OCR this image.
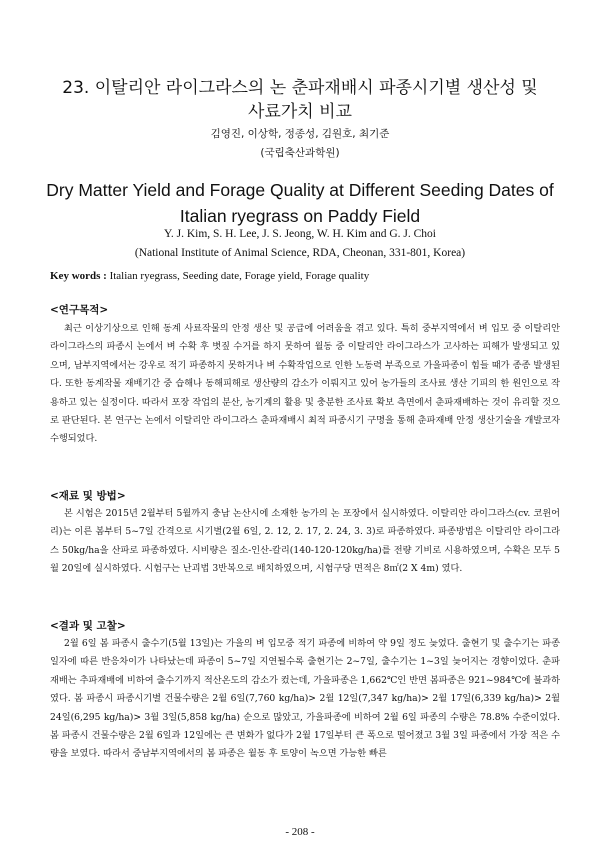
23. 이탈리안 라이그라스의 논 춘파재배시 파종시기별 생산성 및
사료가치 비교
김영진, 이상학, 정종성, 김원호, 최기준
(국립축산과학원)
Dry Matter Yield and Forage Quality at Different Seeding Dates of
Italian ryegrass on Paddy Field
Y. J. Kim, S. H. Lee, J. S. Jeong, W. H. Kim and G. J. Choi
(National Institute of Animal Science, RDA, Cheonan, 331-801, Korea)
Key words : Italian ryegrass, Seeding date, Forage yield, Forage quality
<연구목적>

최근 이상기상으로 인해 동계 사료작물의 안정 생산 및 공급에 어려움을 겪고 있다. 특히 중부지역에서 벼 입모 중 이탈리안 라이그라스의 파종시 논에서 벼 수확 후 볏짚 수거를 하지 못하여 월동 중 이탈리안 라이그라스가 고사하는 피해가 발생되고 있으며, 남부지역에서는 강우로 적기 파종하지 못하거나 벼 수확작업으로 인한 노동력 부족으로 가을파종이 힘들 때가 종종 발생된다. 또한 동계작물 재배기간 중 습해나 동해피해로 생산량의 감소가 이뤄지고 있어 농가들의 조사료 생산 기피의 한 원인으로 작용하고 있는 실정이다. 따라서 포장 작업의 분산, 농기계의 활용 및 충분한 조사료 확보 측면에서 춘파재배하는 것이 유리할 것으로 판단된다. 본 연구는 논에서 이탈리안 라이그라스 춘파재배시 최적 파종시기 구명을 통해 춘파재배 안정 생산기술을 개발코자 수행되었다.

<재료 및 방법>

본 시험은 2015년 2월부터 5월까지 충남 논산시에 소재한 농가의 논 포장에서 실시하였다. 이탈리안 라이그라스(cv. 코윈어리)는 이른 봄부터 5~7일 간격으로 시기별(2월 6일, 2. 12, 2. 17, 2. 24, 3. 3)로 파종하였다. 파종방법은 이탈리안 라이그라스 50kg/ha을 산파로 파종하였다. 시비량은 질소-인산-칼리(140-120-120kg/ha)를 전량 기비로 시용하였으며, 수확은 모두 5월 20일에 실시하였다. 시험구는 난괴법 3반복으로 배치하였으며, 시험구당 면적은 8㎡(2 X 4m) 였다.

<결과 및 고찰>

2월 6일 봄 파종시 출수기(5월 13일)는 가을의 벼 입모중 적기 파종에 비하여 약 9일 정도 늦었다. 출현기 및 출수기는 파종일자에 따른 반응차이가 나타났는데 파종이 5~7일 지연될수록 출현기는 2~7일, 출수기는 1~3일 늦어지는 경향이었다. 춘파재배는 추파재배에 비하여 출수기까지 적산온도의 감소가 컸는데, 가을파종은 1,662℃인 반면 봄파종은 921~984℃에 불과하였다. 봄 파종시 파종시기별 건물수량은 2월 6일(7,760 kg/ha)> 2월 12일(7,347 kg/ha)> 2월 17일(6,339 kg/ha)> 2월 24일(6,295 kg/ha)> 3월 3일(5,858 kg/ha) 순으로 많았고, 가을파종에 비하여 2월 6일 파종의 수량은 78.8% 수준이었다. 봄 파종시 건물수량은 2월 6일과 12일에는 큰 변화가 없다가 2월 17일부터 큰 폭으로 떨어졌고 3월 3일 파종에서 가장 적은 수량을 보였다. 따라서 중남부지역에서의 봄 파종은 월동 후 토양이 녹으면 가능한 빠른

- 208 -
